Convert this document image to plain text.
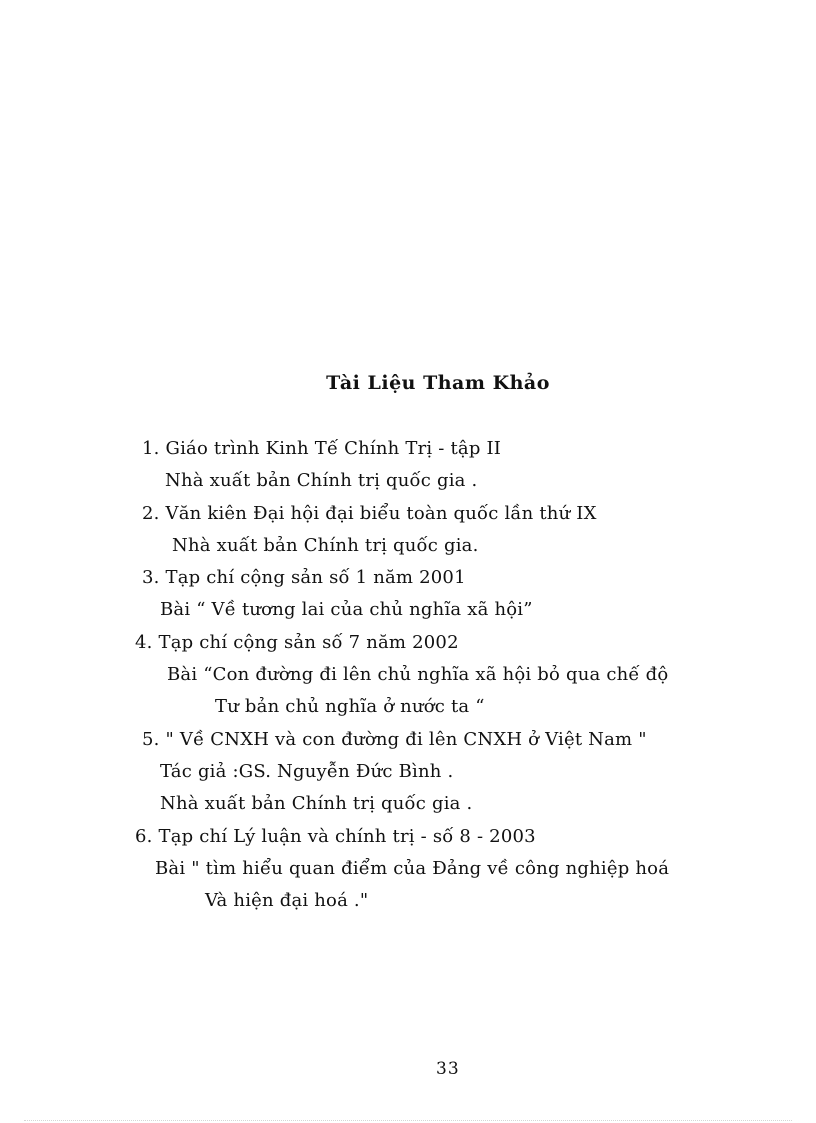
Tài Liệu Tham Khảo
1. Giáo trình Kinh Tế Chính Trị - tập II
Nhà xuất bản Chính trị quốc gia .
2. Văn kiên Đại hội đại biểu toàn quốc lần thứ IX
Nhà xuất bản Chính trị quốc gia.
3. Tạp chí cộng sản số 1 năm 2001
Bài “ Về tương lai của chủ nghĩa xã hội”
4. Tạp chí cộng sản số 7 năm 2002
Bài “Con đường đi lên chủ nghĩa xã hội bỏ qua chế độ
Tư bản chủ nghĩa ở nước ta “
5. " Về CNXH và con đường đi lên CNXH ở Việt Nam "
Tác giả :GS. Nguyễn Đức Bình .
Nhà xuất bản Chính trị quốc gia .
6. Tạp chí Lý luận và chính trị - số 8 - 2003
Bài " tìm hiểu quan điểm của Đảng về công nghiệp hoá
Và hiện đại hoá ."
33
